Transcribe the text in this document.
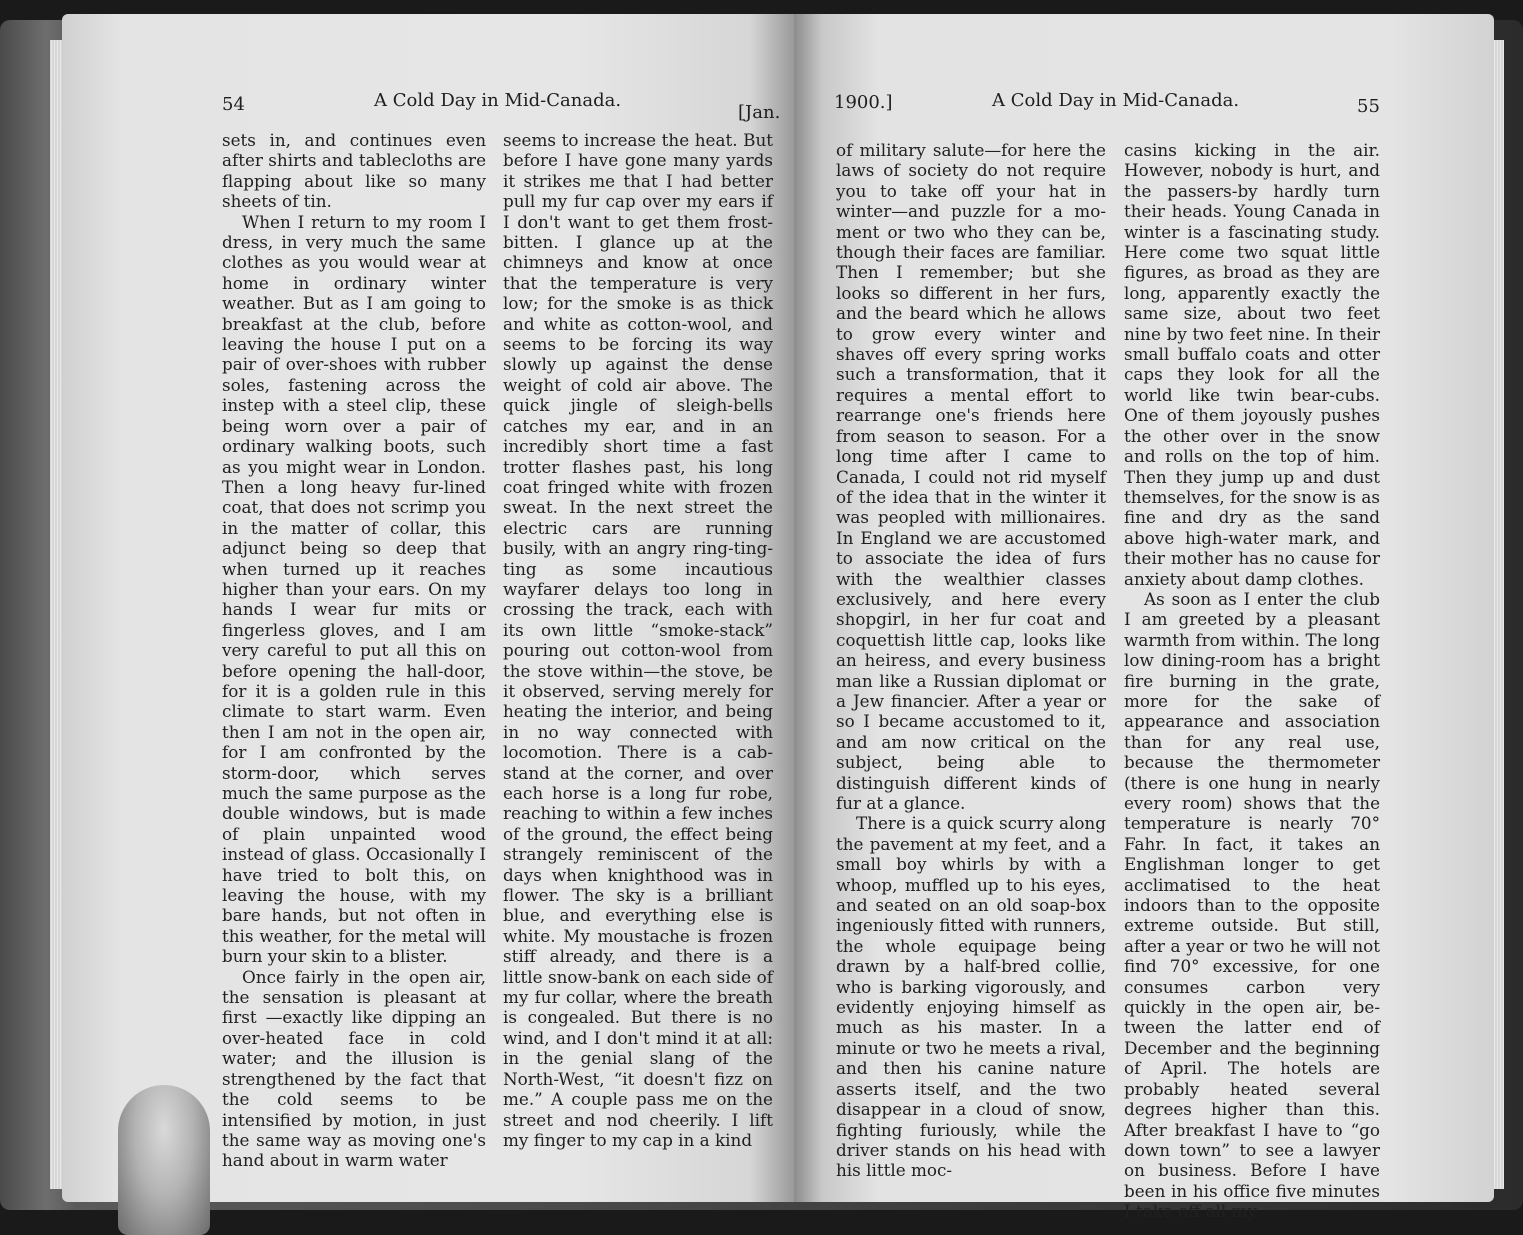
54	A Cold Day in Mid-Canada.
[Jan.

sets in, and continues even after shirts and tablecloths are flapping about like so many sheets of tin.

When I return to my room I dress, in very much the same clothes as you would wear at home in ordinary winter weather. But as I am going to breakfast at the club, before leaving the house I put on a pair of over-shoes with rubber soles, fastening across the instep with a steel clip, these being worn over a pair of ordinary walking boots, such as you might wear in London. Then a long heavy fur-lined coat, that does not scrimp you in the matter of collar, this adjunct being so deep that when turned up it reaches higher than your ears. On my hands I wear fur mits or fingerless gloves, and I am very careful to put all this on before opening the hall-door, for it is a golden rule in this climate to start warm. Even then I am not in the open air, for I am confronted by the storm-door, which serves much the same purpose as the double windows, but is made of plain unpainted wood instead of glass. Occasionally I have tried to bolt this, on leaving the house, with my bare hands, but not often in this weather, for the metal will burn your skin to a blister.

Once fairly in the open air, the sensation is pleasant at first —exactly like dipping an over-heated face in cold water; and the illusion is strengthened by the fact that the cold seems to be intensified by motion, in just the same way as moving one's hand about in warm water

seems to increase the heat. But before I have gone many yards it strikes me that I had better pull my fur cap over my ears if I don't want to get them frost-bitten. I glance up at the chimneys and know at once that the temperature is very low; for the smoke is as thick and white as cotton-wool, and seems to be forcing its way slowly up against the dense weight of cold air above. The quick jingle of sleigh-bells catches my ear, and in an incredibly short time a fast trotter flashes past, his long coat fringed white with frozen sweat. In the next street the electric cars are running busily, with an angry ring-ting-ting as some incautious wayfarer delays too long in crossing the track, each with its own little “smoke-stack” pouring out cotton-wool from the stove within—the stove, be it observed, serving merely for heating the interior, and being in no way connected with locomotion. There is a cab-stand at the corner, and over each horse is a long fur robe, reaching to within a few inches of the ground, the effect being strangely reminiscent of the days when knighthood was in flower. The sky is a brilliant blue, and everything else is white. My moustache is frozen stiff already, and there is a little snow-bank on each side of my fur collar, where the breath is congealed. But there is no wind, and I don't mind it at all: in the genial slang of the North-West, “it doesn't fizz on me.” A couple pass me on the street and nod cheerily. I lift my finger to my cap in a kind

1900.]	A Cold Day in Mid-Canada.	55

of military salute—for here the laws of society do not require you to take off your hat in winter—and puzzle for a moment or two who they can be, though their faces are familiar. Then I remember; but she looks so different in her furs, and the beard which he allows to grow every winter and shaves off every spring works such a transformation, that it requires a mental effort to rearrange one's friends here from season to season. For a long time after I came to Canada, I could not rid myself of the idea that in the winter it was peopled with millionaires. In England we are accustomed to associate the idea of furs with the wealthier classes exclusively, and here every shopgirl, in her fur coat and coquettish little cap, looks like an heiress, and every business man like a Russian diplomat or a Jew financier. After a year or so I became accustomed to it, and am now critical on the subject, being able to distinguish different kinds of fur at a glance.

There is a quick scurry along the pavement at my feet, and a small boy whirls by with a whoop, muffled up to his eyes, and seated on an old soap-box ingeniously fitted with runners, the whole equipage being drawn by a half-bred collie, who is barking vigorously, and evidently enjoying himself as much as his master. In a minute or two he meets a rival, and then his canine nature asserts itself, and the two disappear in a cloud of snow, fighting furiously, while the driver stands on his head with his little moc-

casins kicking in the air. However, nobody is hurt, and the passers-by hardly turn their heads. Young Canada in winter is a fascinating study. Here come two squat little figures, as broad as they are long, apparently exactly the same size, about two feet nine by two feet nine. In their small buffalo coats and otter caps they look for all the world like twin bear-cubs. One of them joyously pushes the other over in the snow and rolls on the top of him. Then they jump up and dust themselves, for the snow is as fine and dry as the sand above high-water mark, and their mother has no cause for anxiety about damp clothes.

As soon as I enter the club I am greeted by a pleasant warmth from within. The long low dining-room has a bright fire burning in the grate, more for the sake of appearance and association than for any real use, because the thermometer (there is one hung in nearly every room) shows that the temperature is nearly 70° Fahr. In fact, it takes an Englishman longer to get acclimatised to the heat indoors than to the opposite extreme outside. But still, after a year or two he will not find 70° excessive, for one consumes carbon very quickly in the open air, between the latter end of December and the beginning of April. The hotels are probably heated several degrees higher than this. After breakfast I have to “go down town” to see a lawyer on business. Before I have been in his office five minutes I take off all my
